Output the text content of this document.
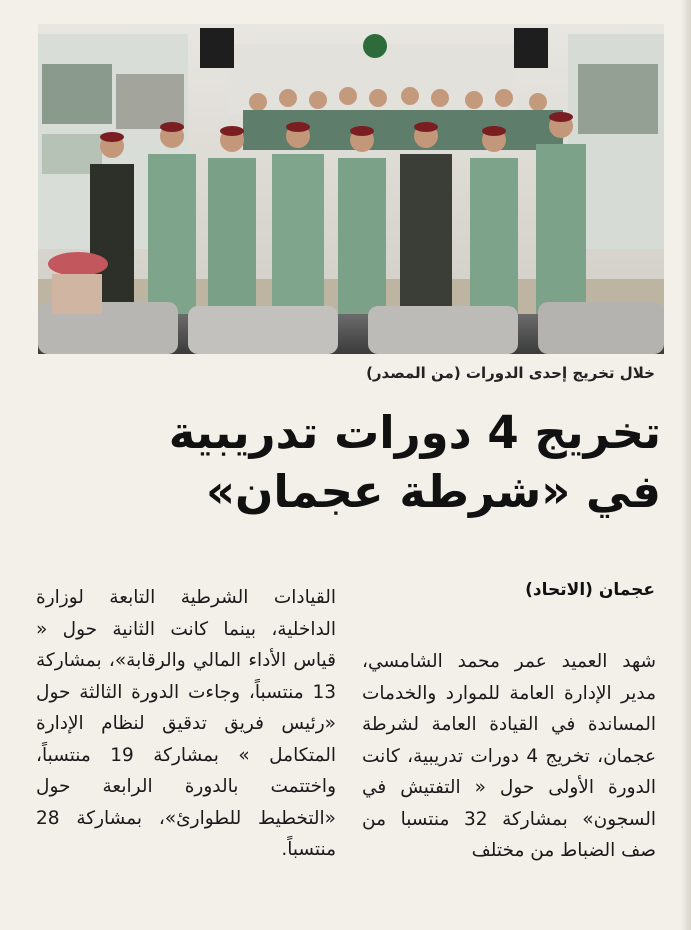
خلال تخريج إحدى الدورات (من المصدر)
تخريج 4 دورات تدريبية
في «شرطة عجمان»
عجمان (الاتحاد)
شهد العميد عمر محمد الشامسي، مدير الإدارة العامة للموارد والخدمات المساندة في القيادة العامة لشرطة عجمان، تخريج 4 دورات تدريبية، كانت الدورة الأولى حول « التفتيش في السجون» بمشاركة 32 منتسبا من صف الضباط من مختلف
القيادات الشرطية التابعة لوزارة الداخلية، بينما كانت الثانية حول « قياس الأداء المالي والرقابة»، بمشاركة 13 منتسباً، وجاءت الدورة الثالثة حول «رئيس فريق تدقيق لنظام الإدارة المتكامل » بمشاركة 19 منتسباً، واختتمت بالدورة الرابعة حول «التخطيط للطوارئ»، بمشاركة 28 منتسباً.
